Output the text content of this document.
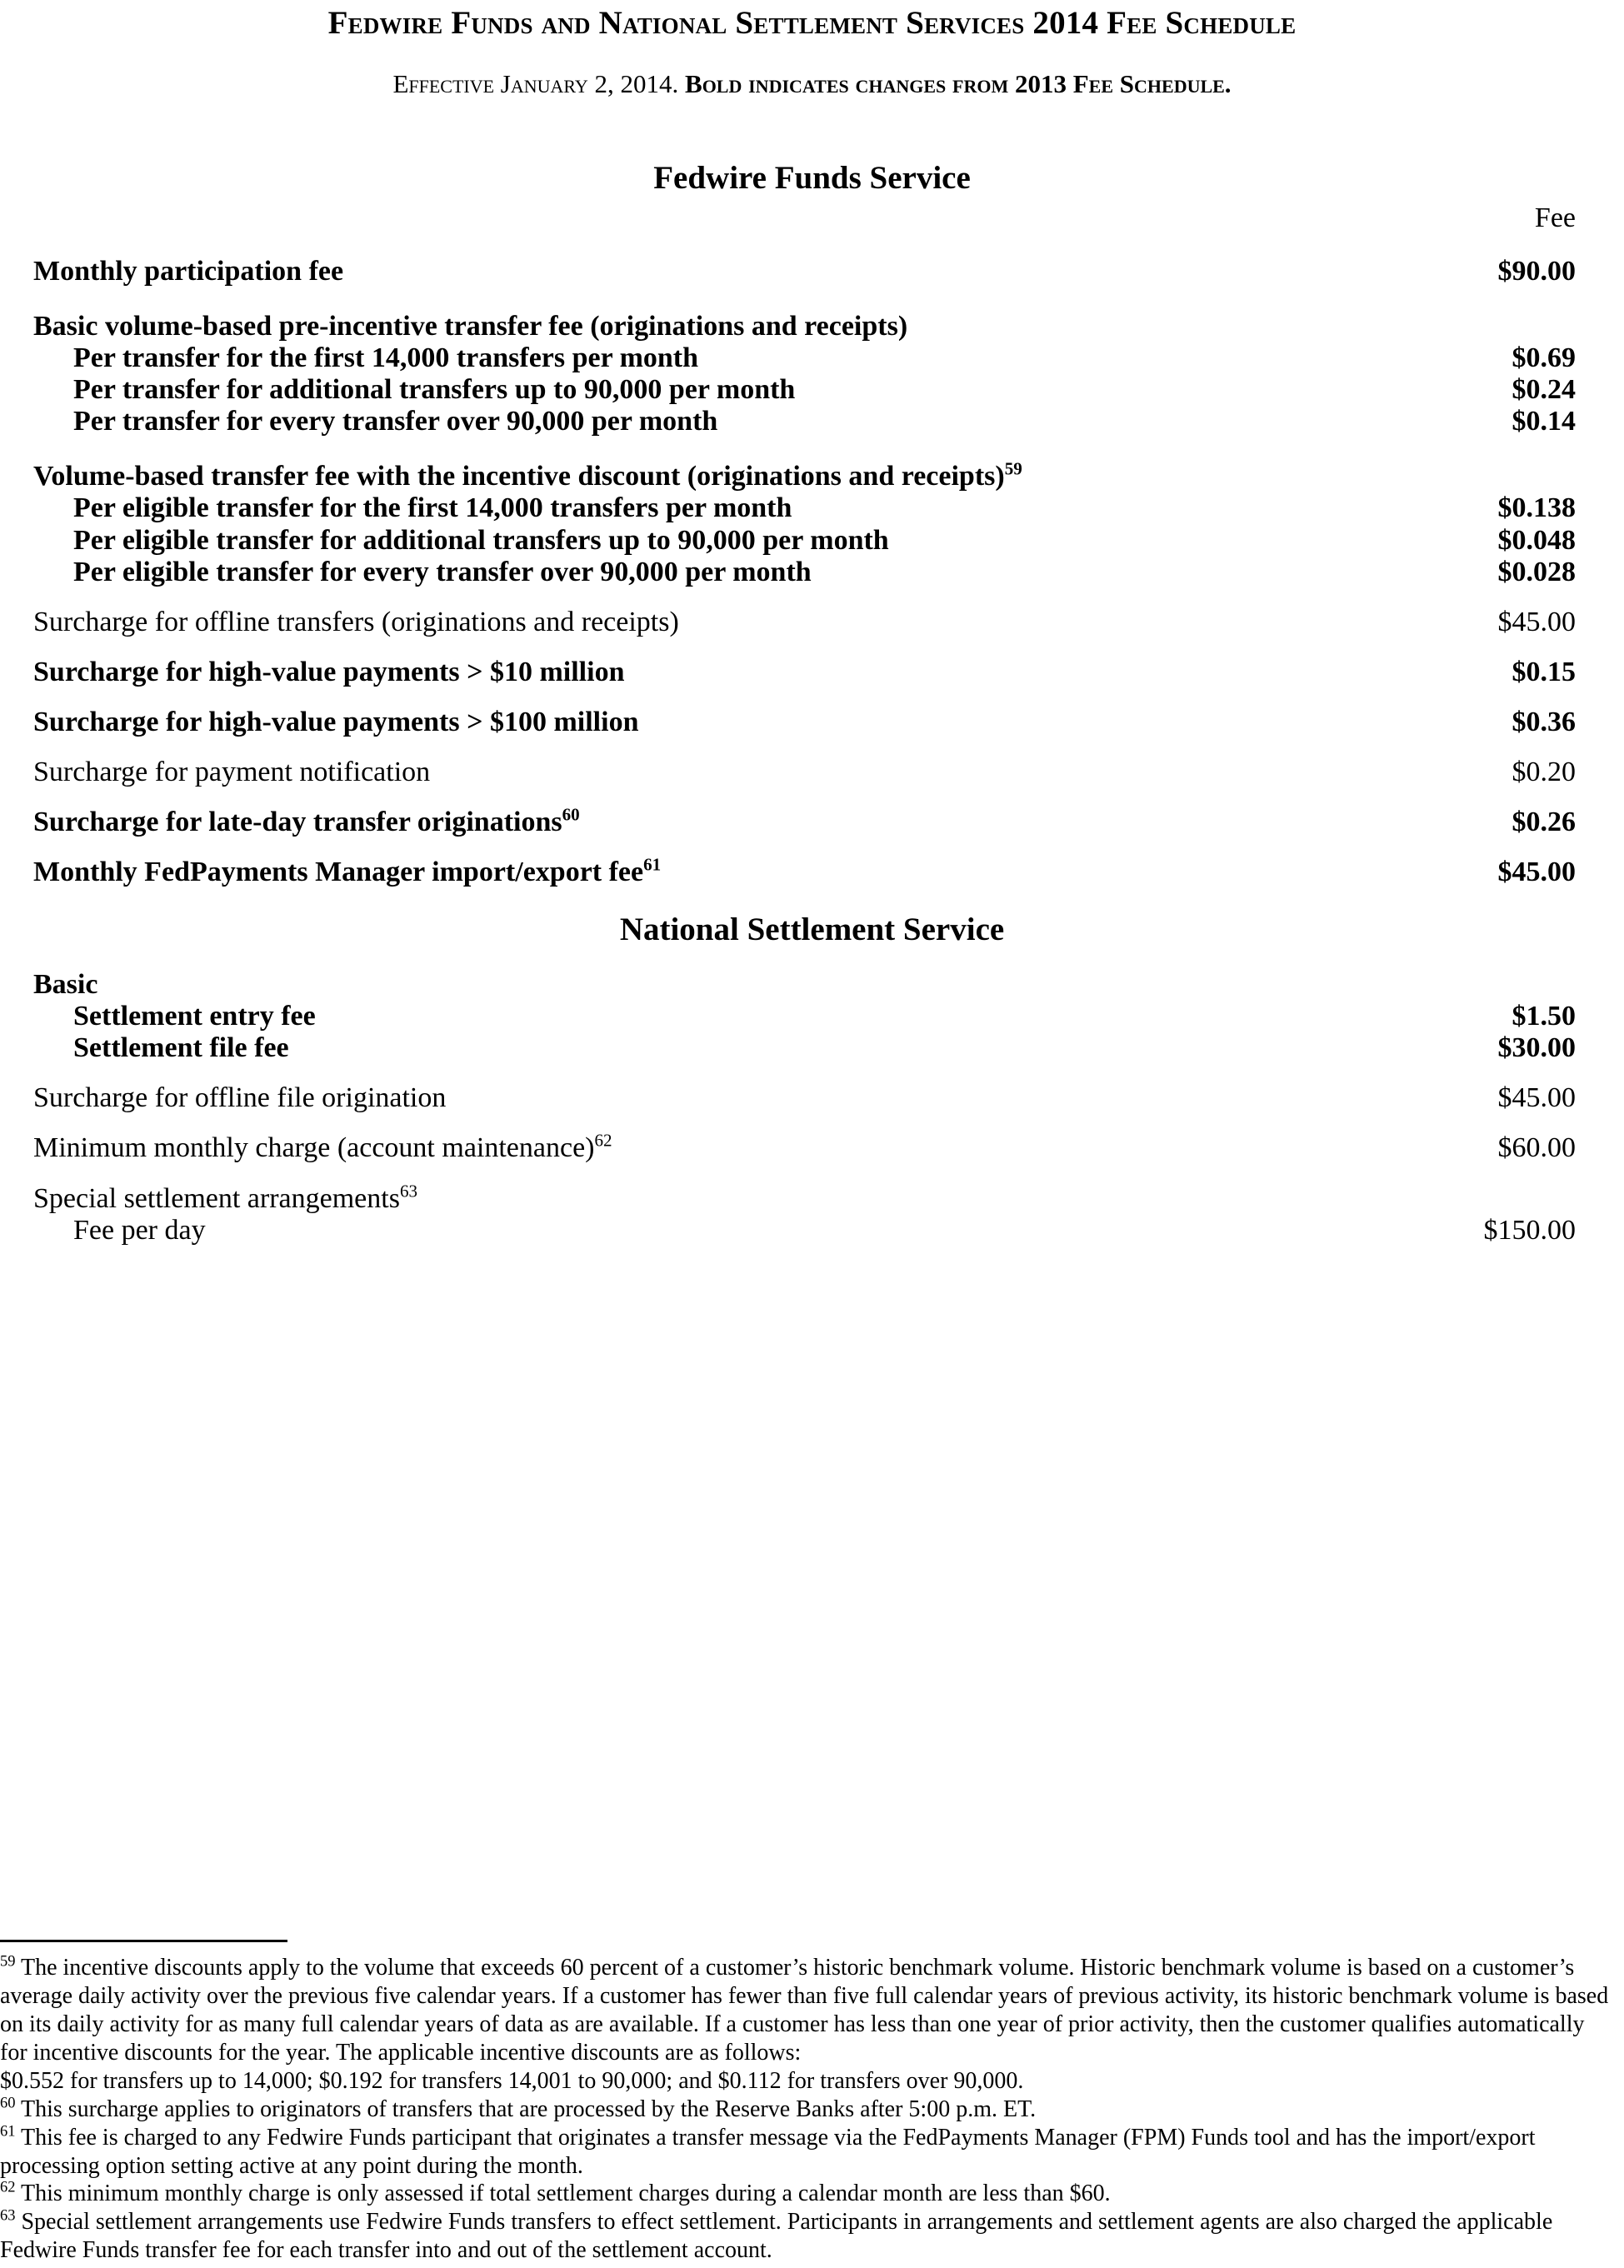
Fedwire Funds and National Settlement Services 2014 Fee Schedule
Effective January 2, 2014. Bold indicates changes from 2013 Fee Schedule.
Fedwire Funds Service
Fee
Monthly participation fee	$90.00
Basic volume-based pre-incentive transfer fee (originations and receipts)
Per transfer for the first 14,000 transfers per month	$0.69
Per transfer for additional transfers up to 90,000 per month	$0.24
Per transfer for every transfer over 90,000 per month	$0.14
Volume-based transfer fee with the incentive discount (originations and receipts)$^{59}$
Per eligible transfer for the first 14,000 transfers per month	$0.138
Per eligible transfer for additional transfers up to 90,000 per month	$0.048
Per eligible transfer for every transfer over 90,000 per month	$0.028
Surcharge for offline transfers (originations and receipts)	$45.00
Surcharge for high-value payments > $10 million	$0.15
Surcharge for high-value payments > $100 million	$0.36
Surcharge for payment notification	$0.20
Surcharge for late-day transfer originations$^{60}$	$0.26
Monthly FedPayments Manager import/export fee$^{61}$	$45.00
National Settlement Service
Basic
Settlement entry fee	$1.50
Settlement file fee	$30.00
Surcharge for offline file origination	$45.00
Minimum monthly charge (account maintenance)$^{62}$	$60.00
Special settlement arrangements$^{63}$
Fee per day	$150.00

$^{59}$ The incentive discounts apply to the volume that exceeds 60 percent of a customer’s historic benchmark volume. Historic benchmark volume is based on a customer’s average daily activity over the previous five calendar years. If a customer has fewer than five full calendar years of previous activity, its historic benchmark volume is based on its daily activity for as many full calendar years of data as are available. If a customer has less than one year of prior activity, then the customer qualifies automatically for incentive discounts for the year. The applicable incentive discounts are as follows:

$0.552 for transfers up to 14,000; $0.192 for transfers 14,001 to 90,000; and $0.112 for transfers over 90,000.

$^{60}$ This surcharge applies to originators of transfers that are processed by the Reserve Banks after 5:00 p.m. ET.

$^{61}$ This fee is charged to any Fedwire Funds participant that originates a transfer message via the FedPayments Manager (FPM) Funds tool and has the import/export processing option setting active at any point during the month.

$^{62}$ This minimum monthly charge is only assessed if total settlement charges during a calendar month are less than $60.

$^{63}$ Special settlement arrangements use Fedwire Funds transfers to effect settlement. Participants in arrangements and settlement agents are also charged the applicable Fedwire Funds transfer fee for each transfer into and out of the settlement account.
